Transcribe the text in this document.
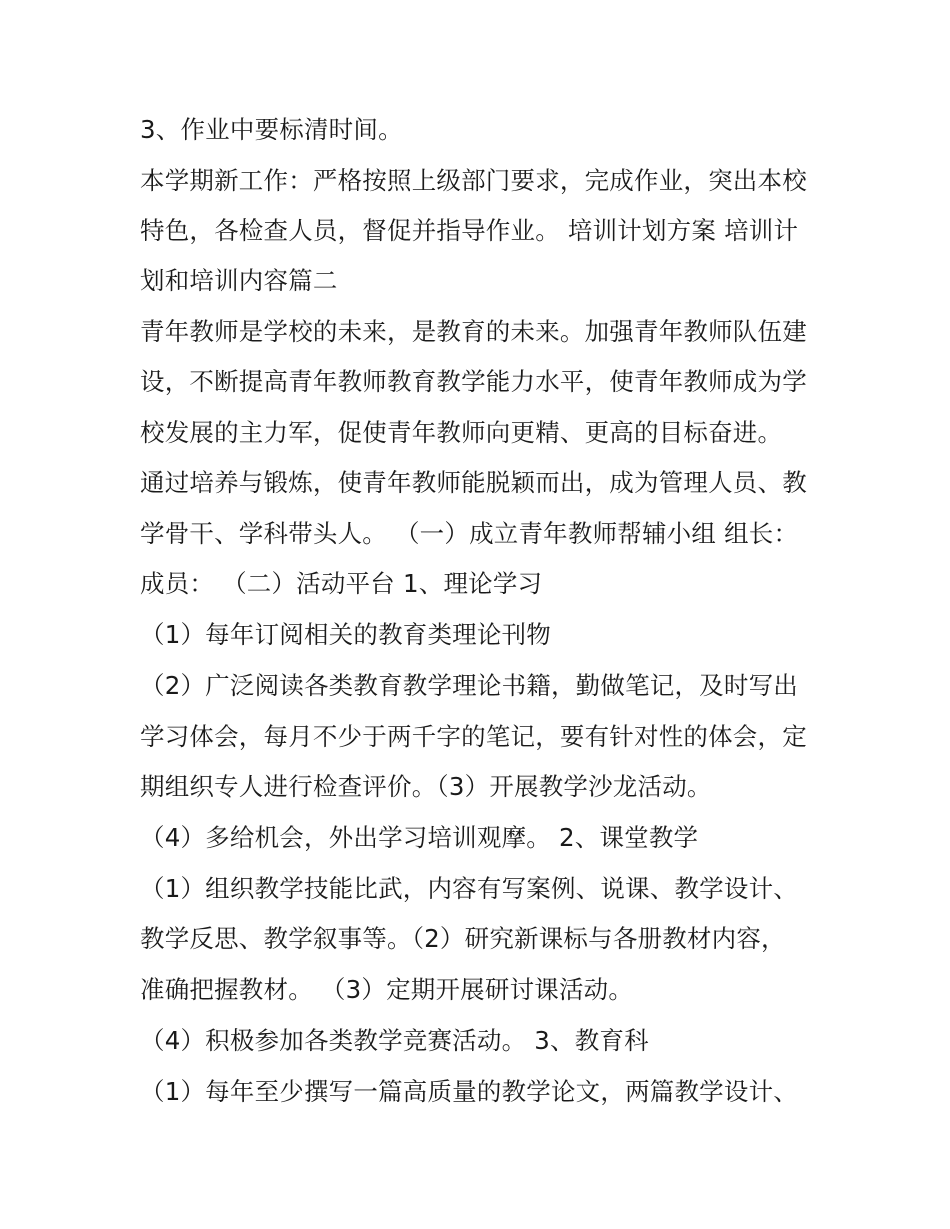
3、作业中要标清时间。
本学期新工作：严格按照上级部门要求，完成作业，突出本校
特色，各检查人员，督促并指导作业。 培训计划方案 培训计
划和培训内容篇二
青年教师是学校的未来，是教育的未来。加强青年教师队伍建
设，不断提高青年教师教育教学能力水平，使青年教师成为学
校发展的主力军，促使青年教师向更精、更高的目标奋进。
通过培养与锻炼，使青年教师能脱颖而出，成为管理人员、教
学骨干、学科带头人。 （一）成立青年教师帮辅小组 组长：
成员： （二）活动平台 1、理论学习
（1）每年订阅相关的教育类理论刊物
（2）广泛阅读各类教育教学理论书籍，勤做笔记，及时写出
学习体会，每月不少于两千字的笔记，要有针对性的体会，定
期组织专人进行检查评价。（3）开展教学沙龙活动。
（4）多给机会，外出学习培训观摩。 2、课堂教学
（1）组织教学技能比武，内容有写案例、说课、教学设计、
教学反思、教学叙事等。（2）研究新课标与各册教材内容，
准确把握教材。 （3）定期开展研讨课活动。
（4）积极参加各类教学竞赛活动。 3、教育科
（1）每年至少撰写一篇高质量的教学论文，两篇教学设计、
